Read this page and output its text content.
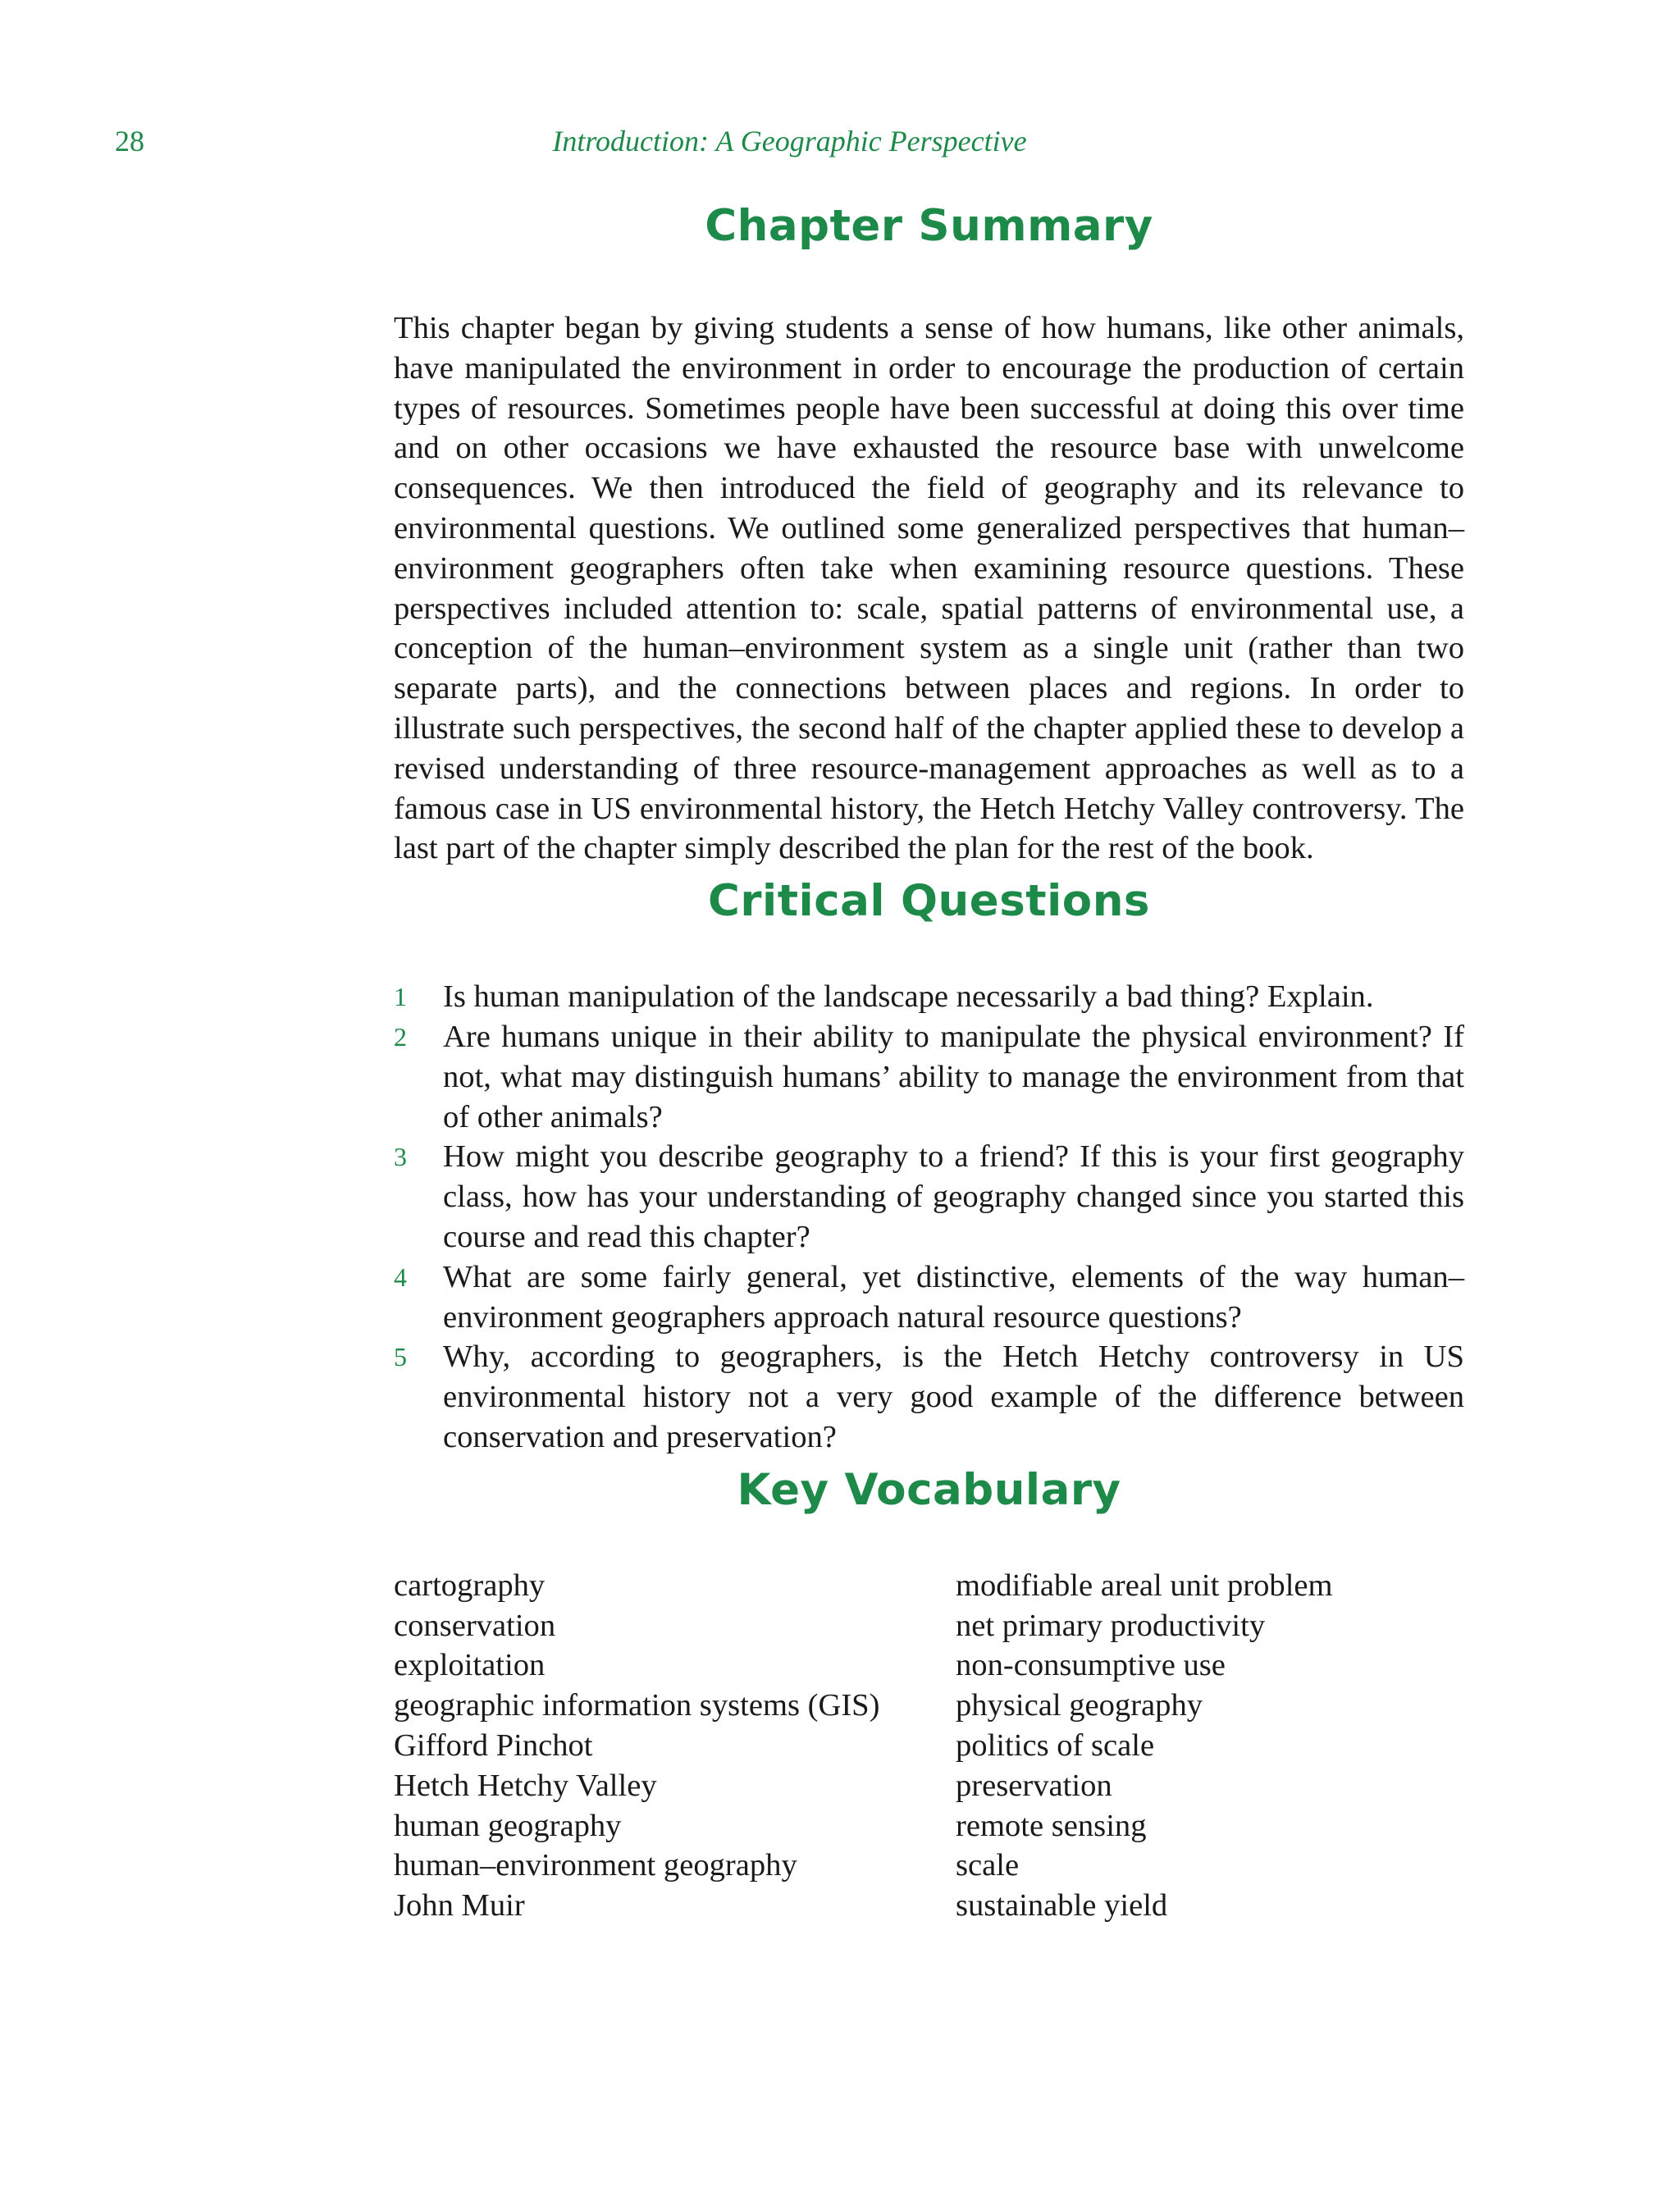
28	Introduction: A Geographic Perspective
Chapter Summary

This chapter began by giving students a sense of how humans, like other animals, have manipulated the environment in order to encourage the production of certain types of resources. Sometimes people have been successful at doing this over time and on other occasions we have exhausted the resource base with unwelcome consequences. We then introduced the field of geography and its relevance to environmental questions. We outlined some generalized perspectives that human–environment geographers often take when examining resource questions. These perspectives included attention to: scale, spatial patterns of environmental use, a conception of the human–environment system as a single unit (rather than two separate parts), and the connections between places and regions. In order to illustrate such perspectives, the second half of the chapter applied these to develop a revised understanding of three resource-management approaches as well as to a famous case in US environmental history, the Hetch Hetchy Valley controversy. The last part of the chapter simply described the plan for the rest of the book.

Critical Questions
1 Is human manipulation of the landscape necessarily a bad thing? Explain.
2 Are humans unique in their ability to manipulate the physical environment? If not, what may distinguish humans’ ability to manage the environment from that of other animals?
3 How might you describe geography to a friend? If this is your first geography class, how has your understanding of geography changed since you started this course and read this chapter?
4 What are some fairly general, yet distinctive, elements of the way human– environment geographers approach natural resource questions?
5 Why, according to geographers, is the Hetch Hetchy controversy in US environmental history not a very good example of the difference between conservation and preservation?
Key Vocabulary
cartography
conservation
exploitation
geographic information systems (GIS)
Gifford Pinchot
Hetch Hetchy Valley
human geography
human–environment geography
John Muir
modifiable areal unit problem
net primary productivity
non-consumptive use
physical geography
politics of scale
preservation
remote sensing
scale
sustainable yield
